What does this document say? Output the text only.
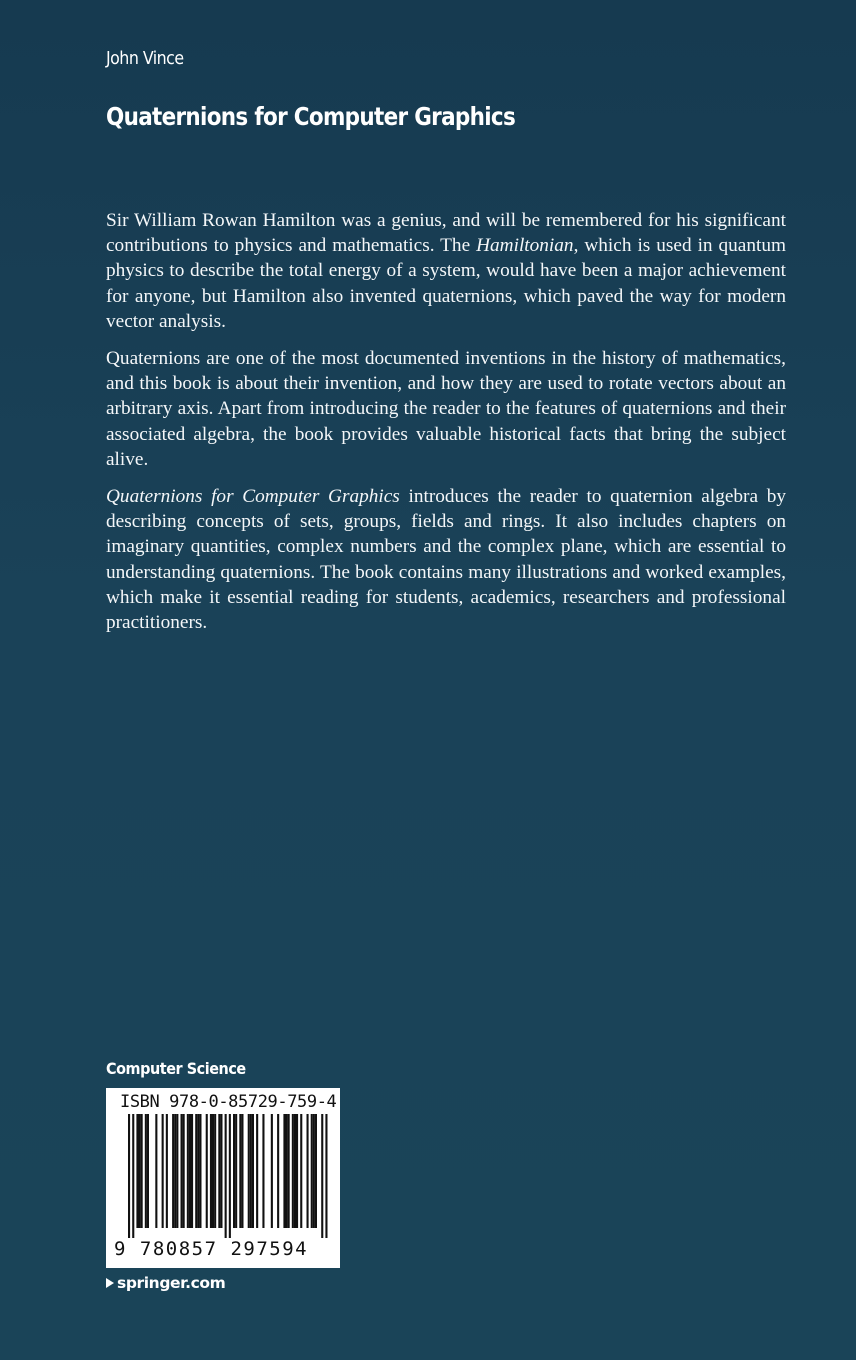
John Vince
Quaternions for Computer Graphics

Sir William Rowan Hamilton was a genius, and will be remembered for his significant contributions to physics and mathematics. The Hamiltonian, which is used in quantum physics to describe the total energy of a system, would have been a major achievement for anyone, but Hamilton also invented quaternions, which paved the way for modern vector analysis.

Quaternions are one of the most documented inventions in the history of mathematics, and this book is about their invention, and how they are used to rotate vectors about an arbitrary axis. Apart from introducing the reader to the features of quaternions and their associated algebra, the book provides valuable historical facts that bring the subject alive.

Quaternions for Computer Graphics introduces the reader to quaternion algebra by describing concepts of sets, groups, fields and rings. It also includes chapters on imaginary quantities, complex numbers and the complex plane, which are essential to understanding quaternions. The book contains many illustrations and worked examples, which make it essential reading for students, academics, researchers and professional practitioners.

Computer Science
ISBN 978-0-85729-759-4
9 780857 297594
springer.com
